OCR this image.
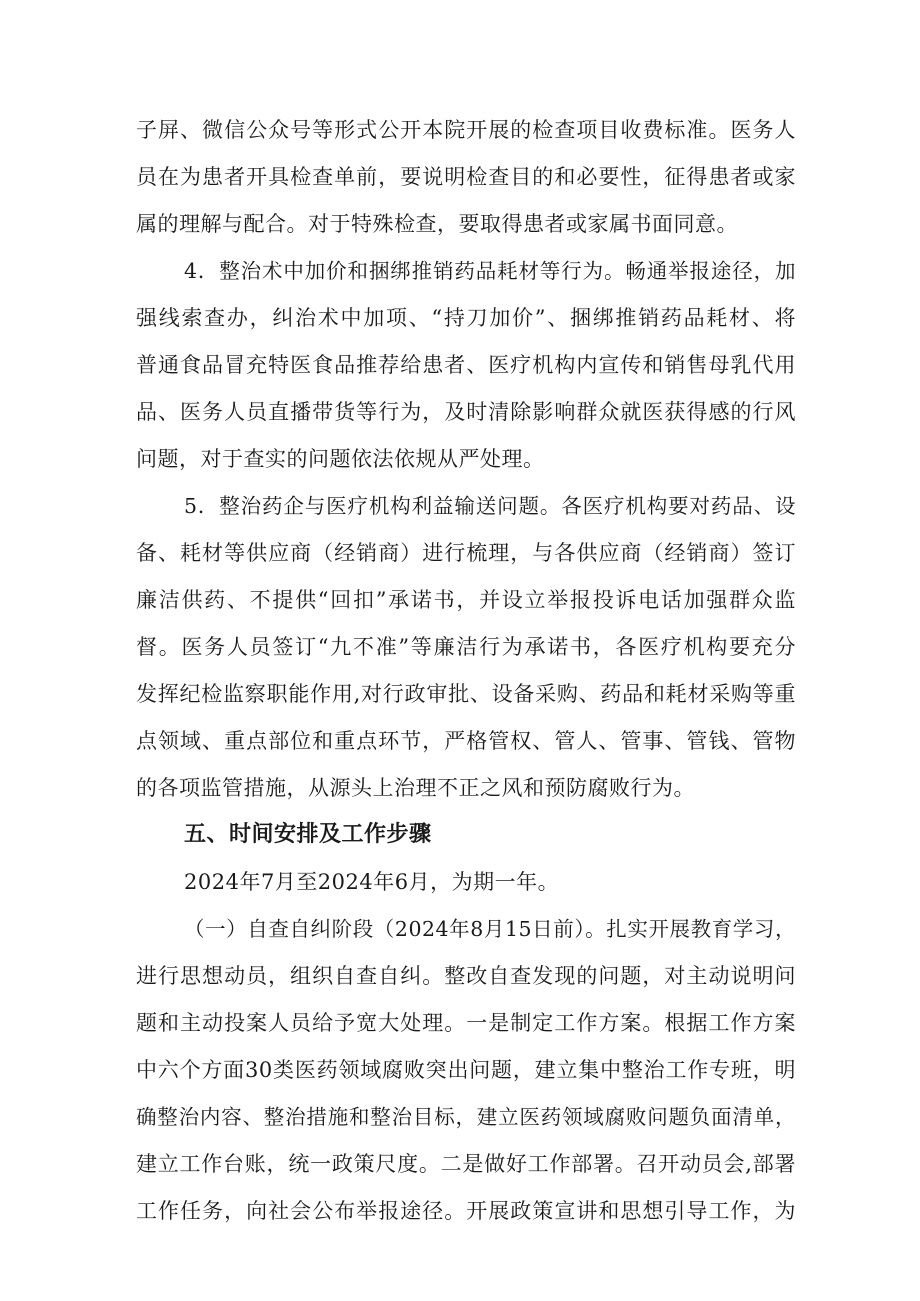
子屏、微信公众号等形式公开本院开展的检查项目收费标准。医务人
员在为患者开具检查单前，要说明检查目的和必要性，征得患者或家
属的理解与配合。对于特殊检查，要取得患者或家属书面同意。
4．整治术中加价和捆绑推销药品耗材等行为。畅通举报途径，加
强线索查办，纠治术中加项、“持刀加价”、捆绑推销药品耗材、将
普通食品冒充特医食品推荐给患者、医疗机构内宣传和销售母乳代用
品、医务人员直播带货等行为，及时清除影响群众就医获得感的行风
问题，对于查实的问题依法依规从严处理。
5．整治药企与医疗机构利益输送问题。各医疗机构要对药品、设
备、耗材等供应商（经销商）进行梳理，与各供应商（经销商）签订
廉洁供药、不提供“回扣”承诺书，并设立举报投诉电话加强群众监
督。医务人员签订“九不准”等廉洁行为承诺书，各医疗机构要充分
发挥纪检监察职能作用,对行政审批、设备采购、药品和耗材采购等重
点领域、重点部位和重点环节，严格管权、管人、管事、管钱、管物
的各项监管措施，从源头上治理不正之风和预防腐败行为。
五、时间安排及工作步骤
2024年7月至2024年6月，为期一年。
（一）自查自纠阶段（2024年8月15日前）。扎实开展教育学习，
进行思想动员，组织自查自纠。整改自查发现的问题，对主动说明问
题和主动投案人员给予宽大处理。一是制定工作方案。根据工作方案
中六个方面30类医药领域腐败突出问题，建立集中整治工作专班，明
确整治内容、整治措施和整治目标，建立医药领域腐败问题负面清单，
建立工作台账，统一政策尺度。二是做好工作部署。召开动员会,部署
工作任务，向社会公布举报途径。开展政策宣讲和思想引导工作，为
